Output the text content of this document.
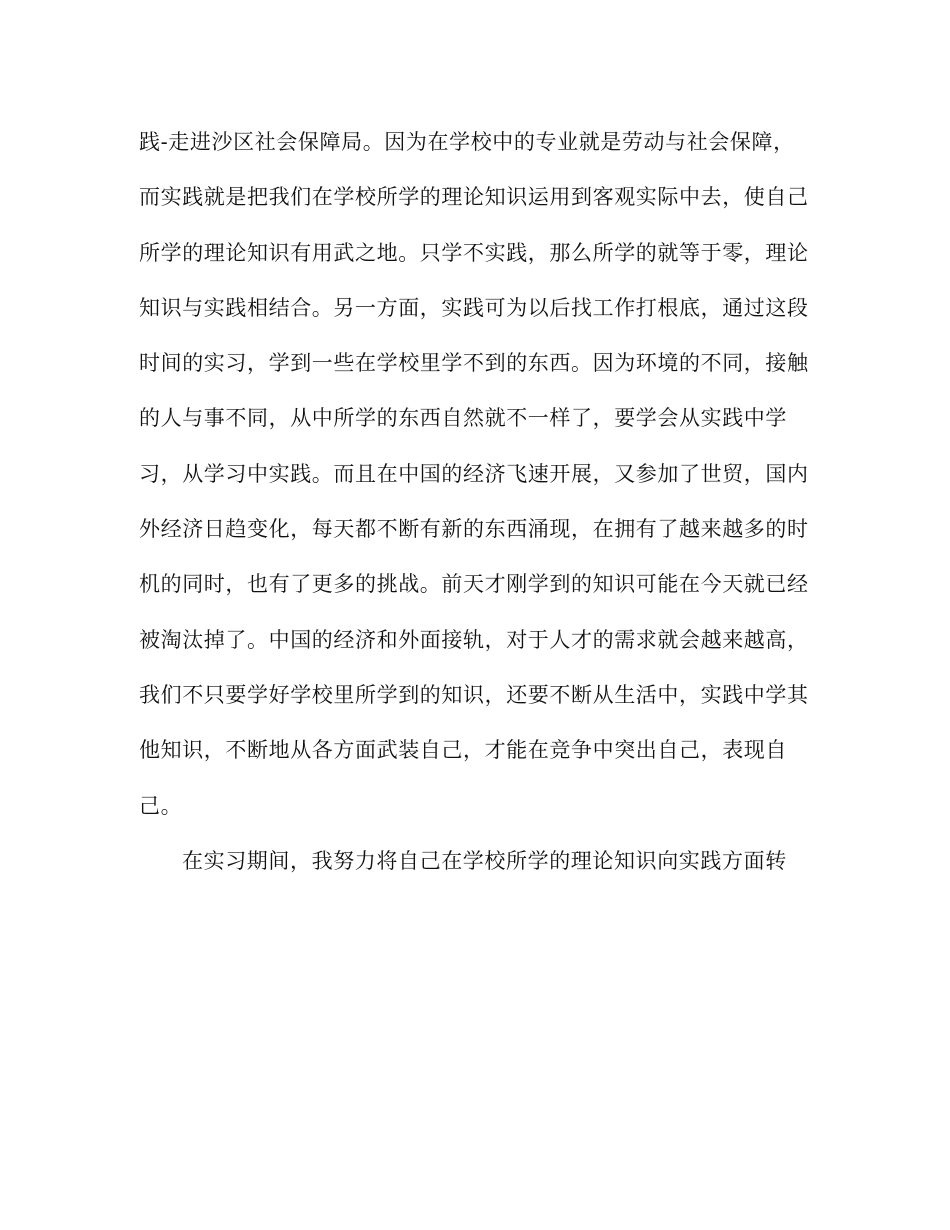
践-走进沙区社会保障局。因为在学校中的专业就是劳动与社会保障，
而实践就是把我们在学校所学的理论知识运用到客观实际中去，使自己
所学的理论知识有用武之地。只学不实践，那么所学的就等于零，理论
知识与实践相结合。另一方面，实践可为以后找工作打根底，通过这段
时间的实习，学到一些在学校里学不到的东西。因为环境的不同，接触
的人与事不同，从中所学的东西自然就不一样了，要学会从实践中学
习，从学习中实践。而且在中国的经济飞速开展，又参加了世贸，国内
外经济日趋变化，每天都不断有新的东西涌现，在拥有了越来越多的时
机的同时，也有了更多的挑战。前天才刚学到的知识可能在今天就已经
被淘汰掉了。中国的经济和外面接轨，对于人才的需求就会越来越高，
我们不只要学好学校里所学到的知识，还要不断从生活中，实践中学其
他知识，不断地从各方面武装自己，才能在竞争中突出自己，表现自
己。
在实习期间，我努力将自己在学校所学的理论知识向实践方面转
